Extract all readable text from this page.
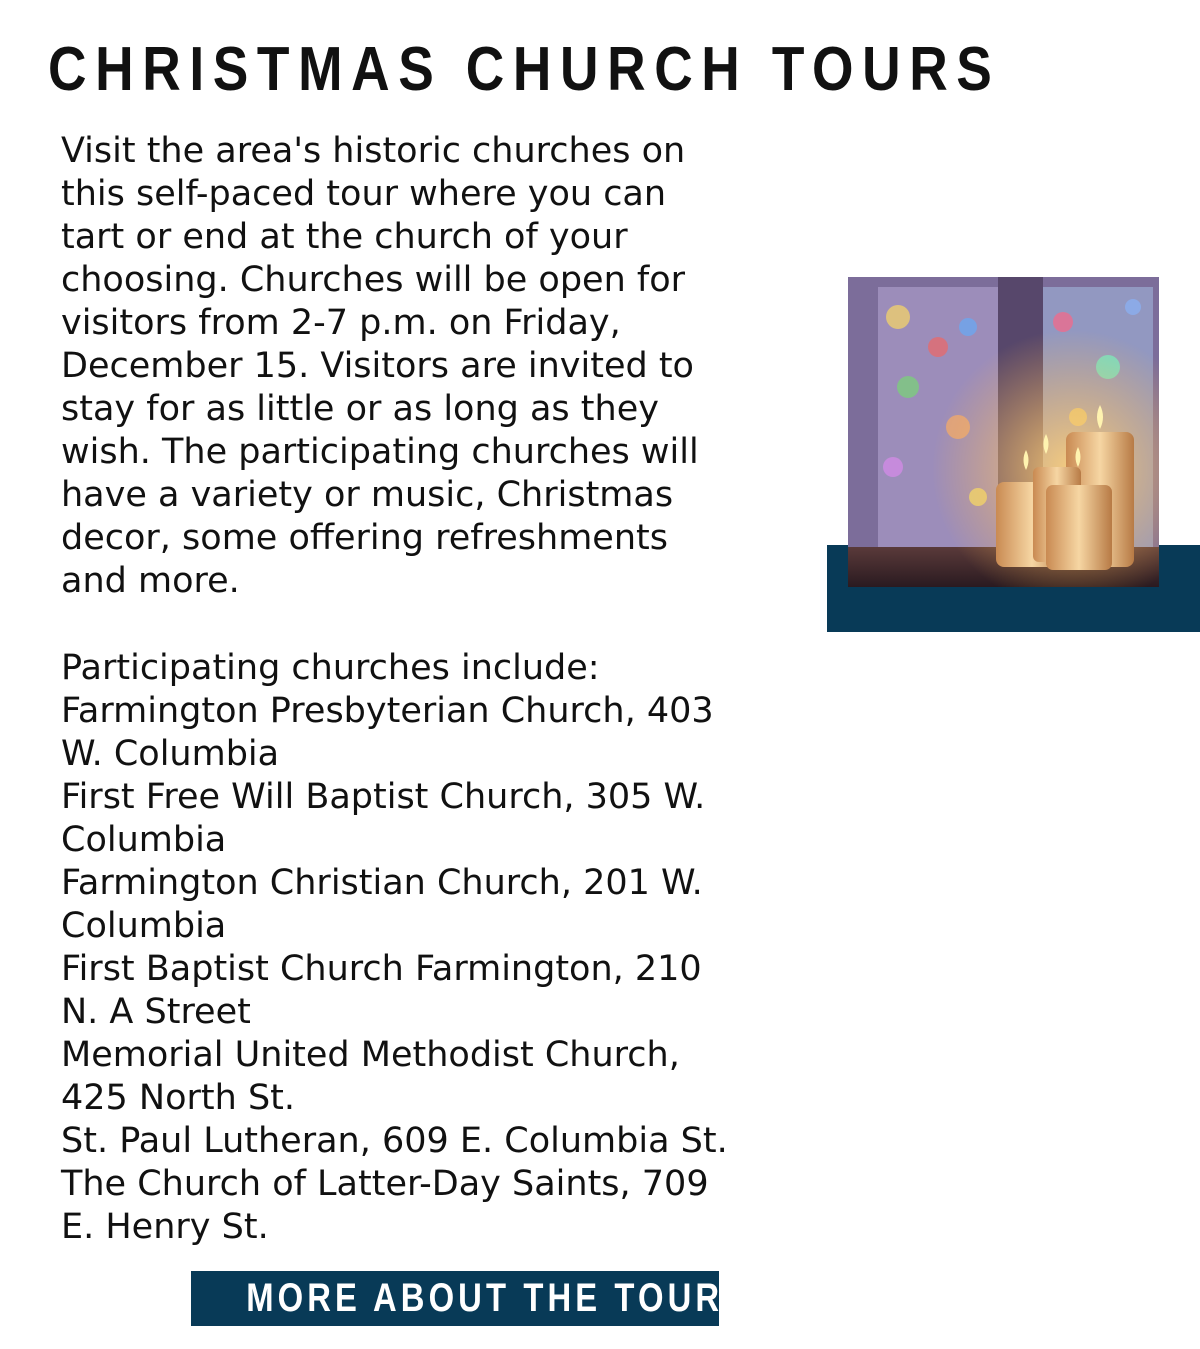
CHRISTMAS CHURCH TOURS

Visit the area's historic churches on
this self-paced tour where you can
tart or end at the church of your
choosing. Churches will be open for
visitors from 2-7 p.m. on Friday,
December 15. Visitors are invited to
stay for as little or as long as they
wish. The participating churches will
have a variety or music, Christmas
decor, some offering refreshments
and more.

Participating churches include:

Farmington Presbyterian Church, 403
W. Columbia
First Free Will Baptist Church, 305 W.
Columbia
Farmington Christian Church, 201 W.
Columbia
First Baptist Church Farmington, 210
N. A Street
Memorial United Methodist Church,
425 North St.
St. Paul Lutheran, 609 E. Columbia St.
The Church of Latter-Day Saints, 709
E. Henry St.
MORE ABOUT THE TOURS
